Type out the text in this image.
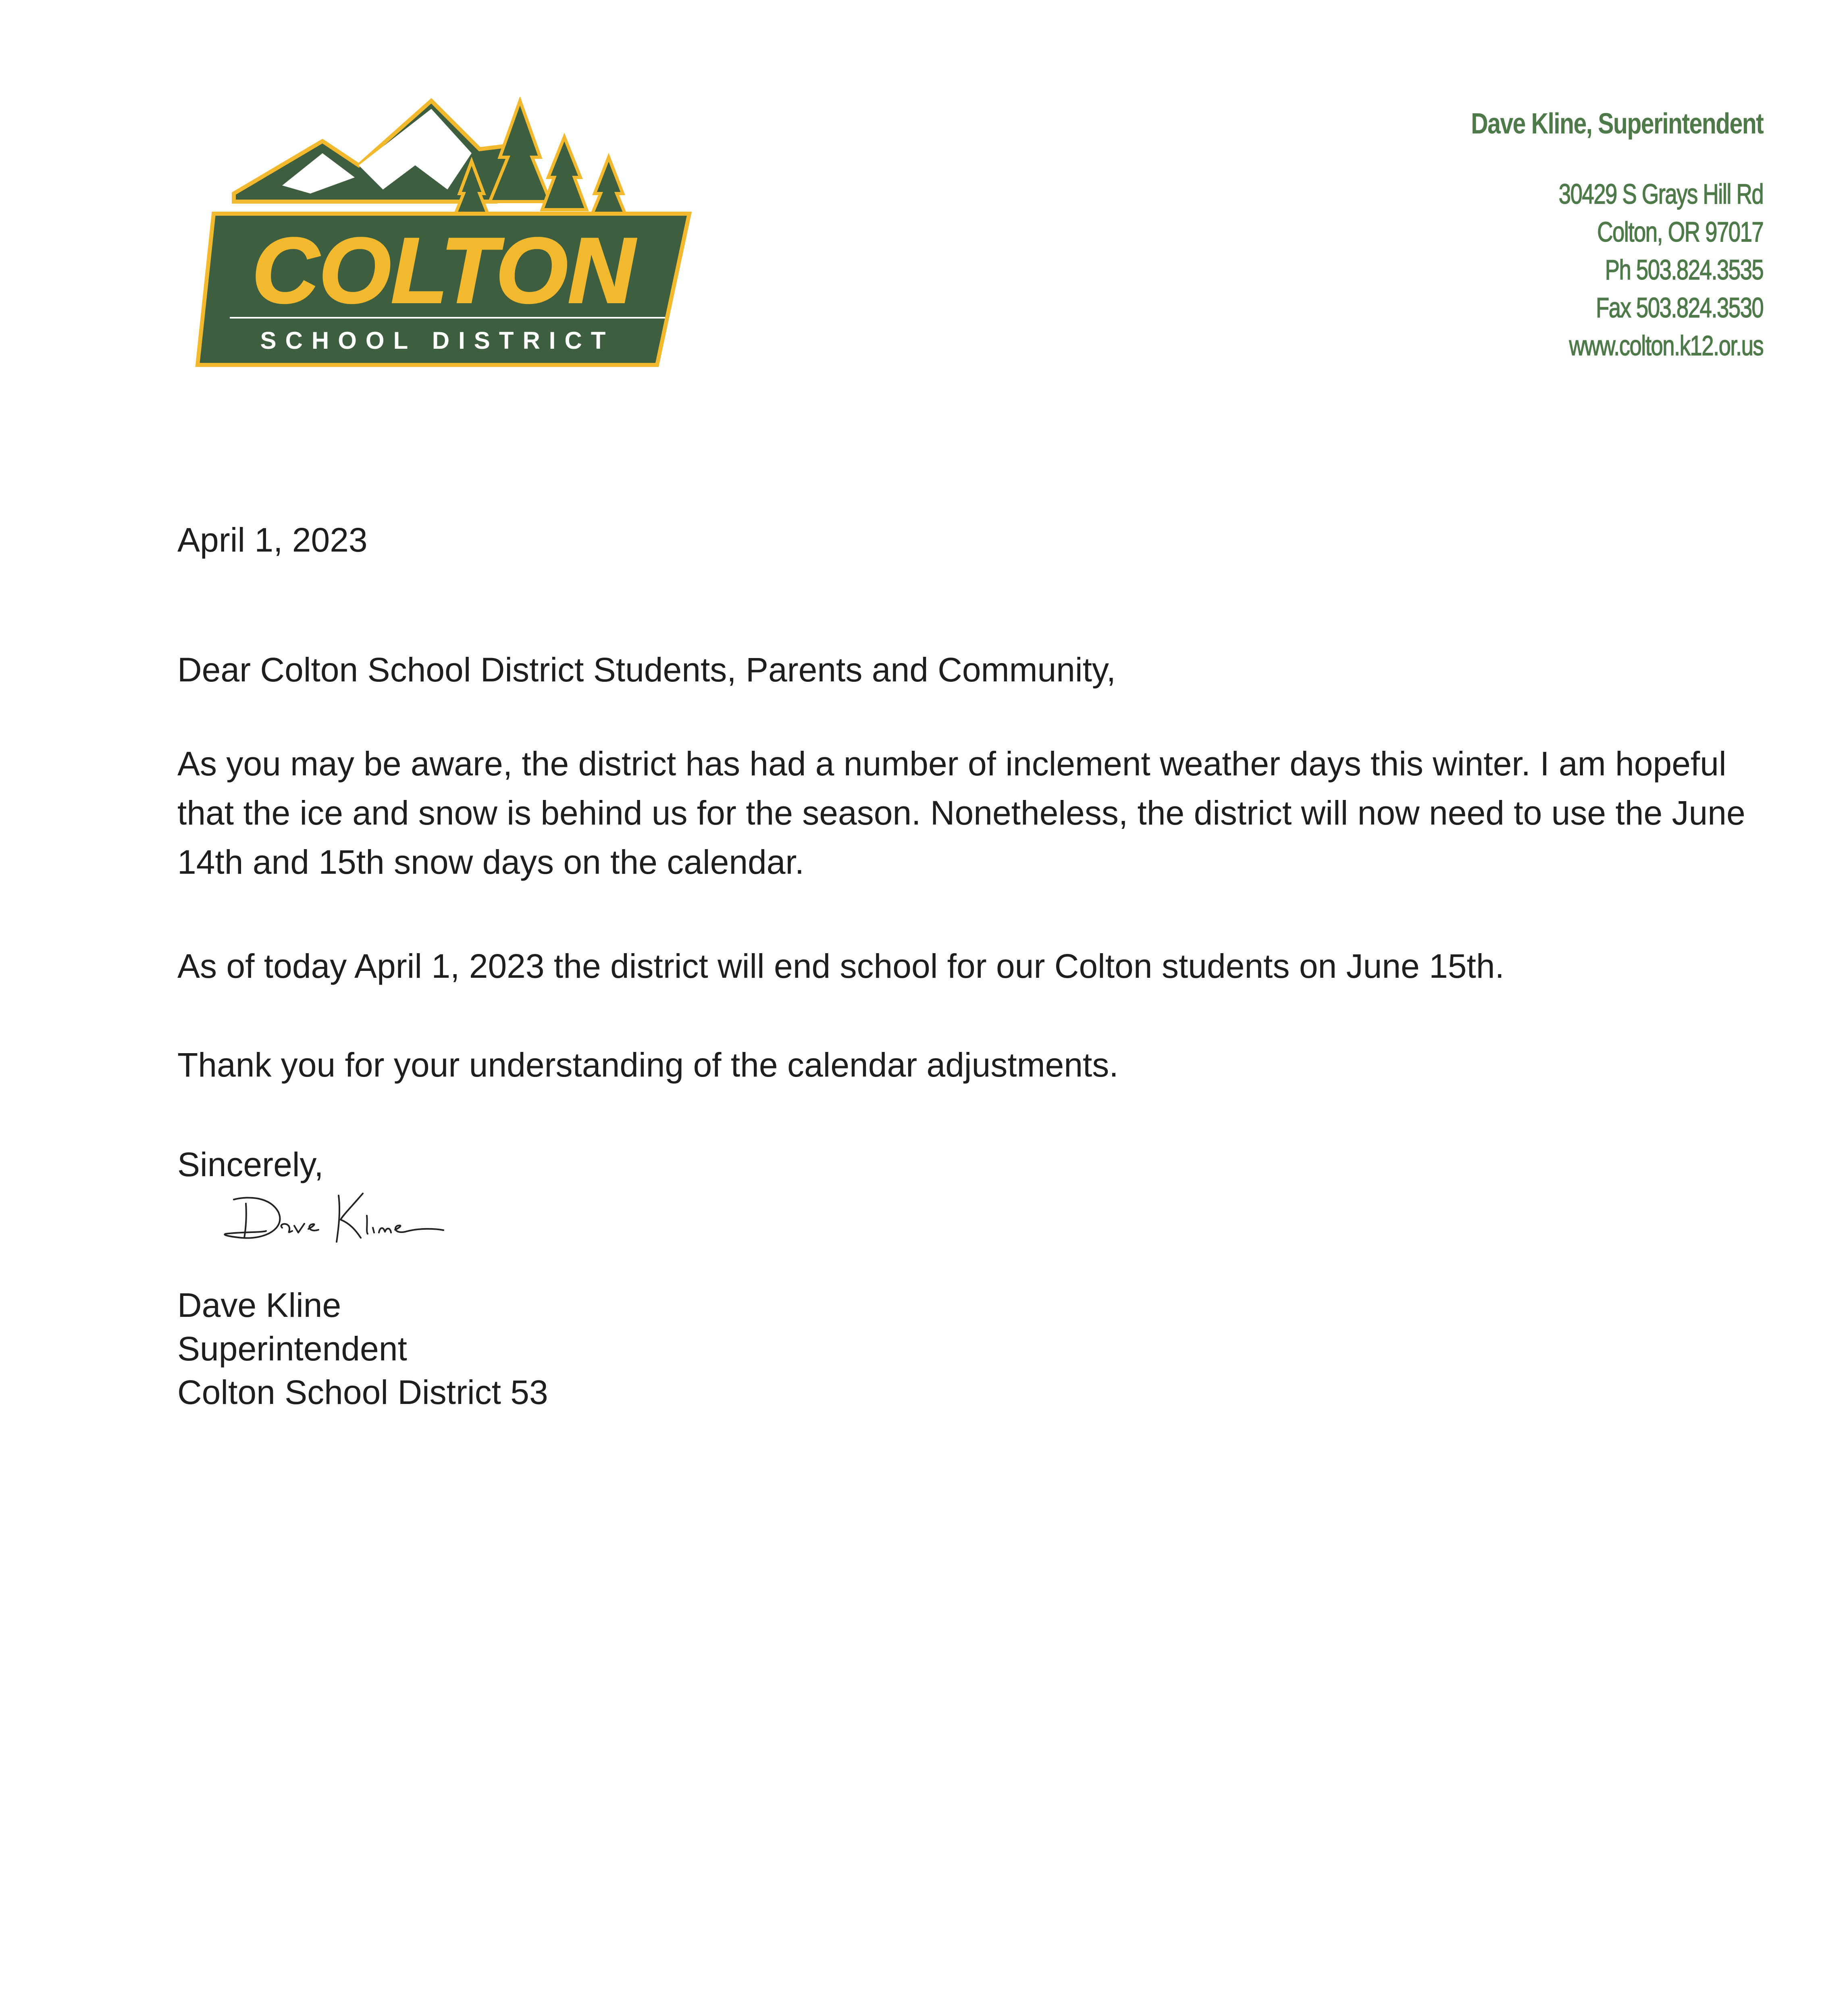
COLTON
SCHOOL DISTRICT
Dave Kline, Superintendent
30429 S Grays Hill Rd
Colton, OR 97017
Ph 503.824.3535
Fax 503.824.3530
www.colton.k12.or.us
April 1, 2023
Dear Colton School District Students, Parents and Community,
As you may be aware, the district has had a number of inclement weather days this winter. I am hopeful that the ice and snow is behind us for the season. Nonetheless, the district will now need to use the June 14th and 15th snow days on the calendar.
As of today April 1, 2023 the district will end school for our Colton students on June 15th.
Thank you for your understanding of the calendar adjustments.
Sincerely,
Dave Kline
Superintendent
Colton School District 53
